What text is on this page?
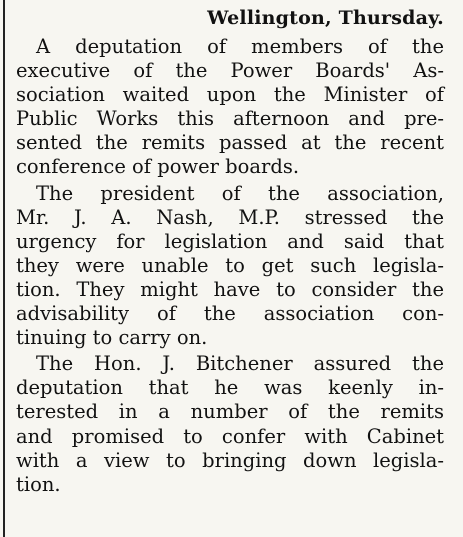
Wellington, Thursday.
A deputation of members of the
executive of the Power Boards' As-
sociation waited upon the Minister of
Public Works this afternoon and pre-
sented the remits passed at the recent
conference of power boards.
The president of the association,
Mr. J. A. Nash, M.P. stressed the
urgency for legislation and said that
they were unable to get such legisla-
tion. They might have to consider the
advisability of the association con-
tinuing to carry on.
The Hon. J. Bitchener assured the
deputation that he was keenly in-
terested in a number of the remits
and promised to confer with Cabinet
with a view to bringing down legisla-
tion.
